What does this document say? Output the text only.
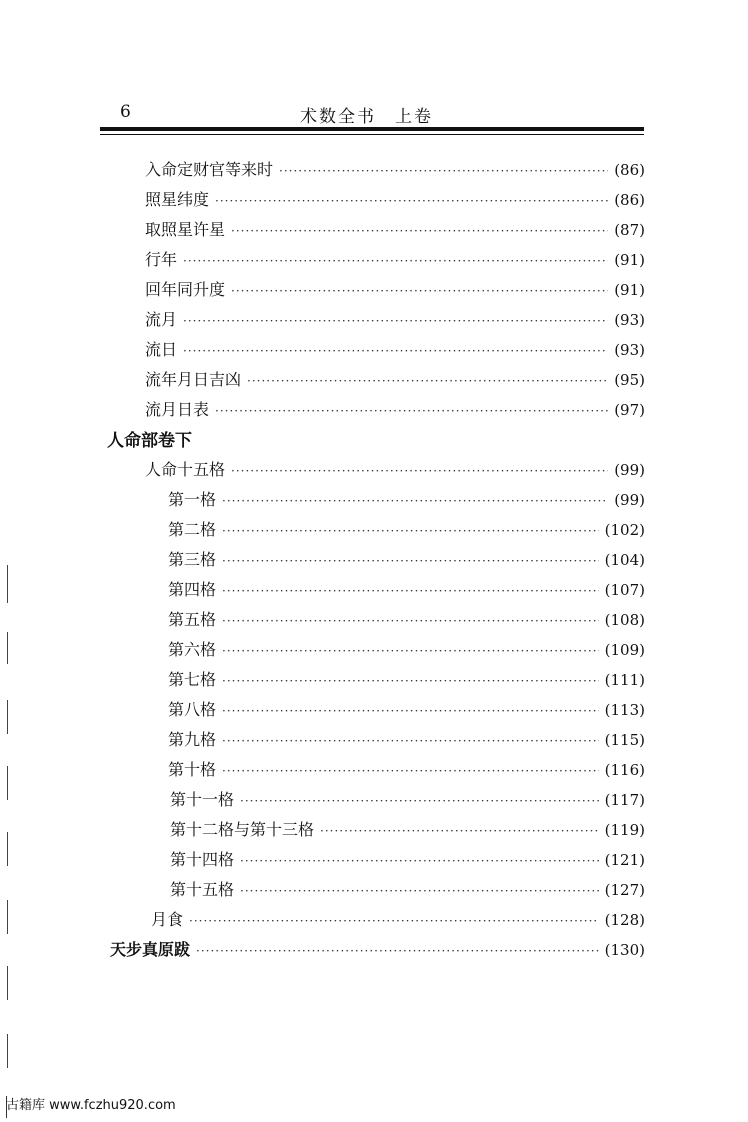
6	术数全书　上卷
入命定财官等来时 ·····	(86)
照星纬度 ·····	(86)
取照星许星 ·····	(87)
行年 ·····	(91)
回年同升度 ·····	(91)
流月 ·····	(93)
流日 ·····	(93)
流年月日吉凶 ·····	(95)
流月日表 ·····	(97)
人命部卷下
人命十五格 ·····	(99)
第一格 ·····	(99)
第二格 ·····	(102)
第三格 ·····	(104)
第四格 ·····	(107)
第五格 ·····	(108)
第六格 ·····	(109)
第七格 ·····	(111)
第八格 ·····	(113)
第九格 ·····	(115)
第十格 ·····	(116)
第十一格 ·····	(117)
第十二格与第十三格 ·····	(119)
第十四格 ·····	(121)
第十五格 ·····	(127)
月食 ·····	(128)
天步真原跋 ·····	(130)
古籍库 www.fczhu920.com
